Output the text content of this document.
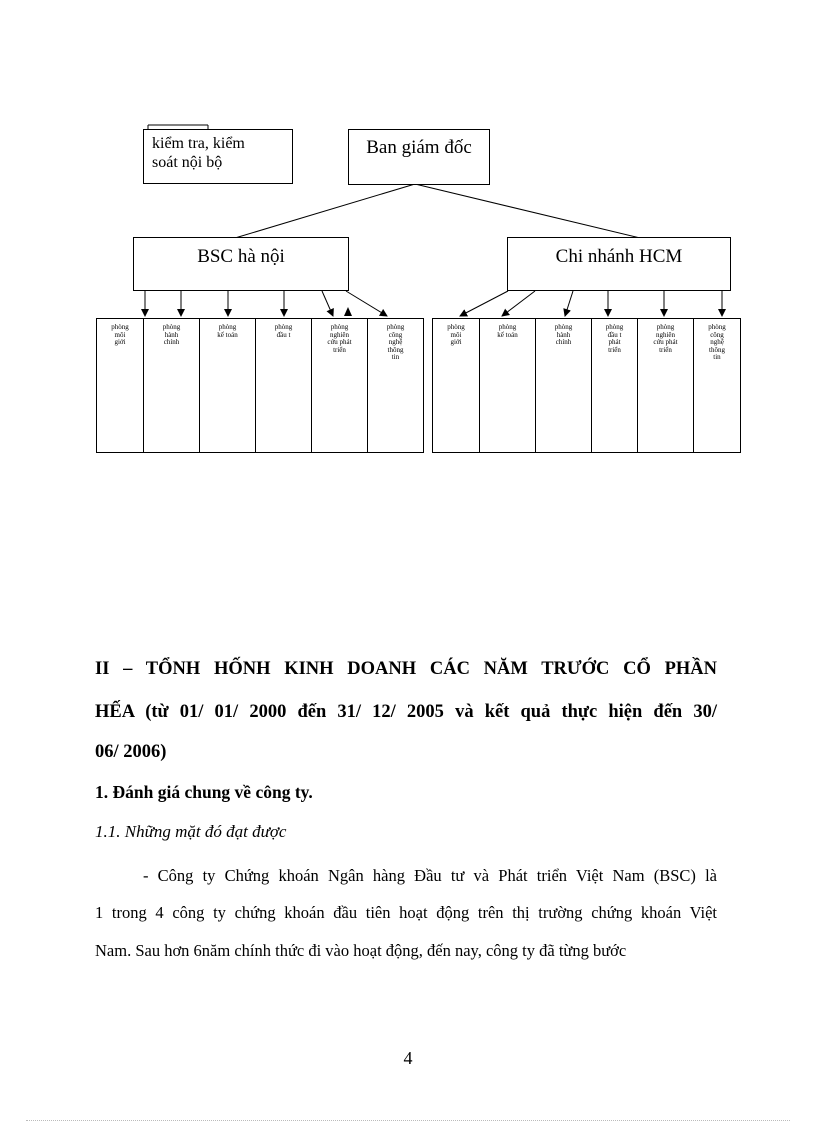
kiểm tra, kiểm
soát nội bộ
Ban giám đốc
BSC hà nội	Chi nhánh HCM
phòng
môi
giới
phòng
hành
chính
phòng
kế toán
phòng
đầu t
phòng
nghiên
cứu phát
triển
phòng
công
nghệ
thông
tin
phòng
môi
giới
phòng
kế toán
phòng
hành
chính
phòng
đầu t
phát
triển
phòng
nghiên
cứu phát
triển
phòng
công
nghệ
thông
tin
II – TỔNH HỐNH KINH DOANH CÁC NĂM TRƯỚC CỔ PHẦN
HẾA (từ 01/ 01/ 2000 đến 31/ 12/ 2005 và kết quả thực hiện đến 30/
06/ 2006)
1. Đánh giá chung về công ty.
1.1. Những mặt đó đạt được
- Công ty Chứng khoán Ngân hàng Đầu tư và Phát triển Việt Nam (BSC) là
1 trong 4 công ty chứng khoán đầu tiên hoạt động trên thị trường chứng khoán Việt
Nam. Sau hơn 6năm chính thức đi vào hoạt động, đến nay, công ty đã từng bước
4
